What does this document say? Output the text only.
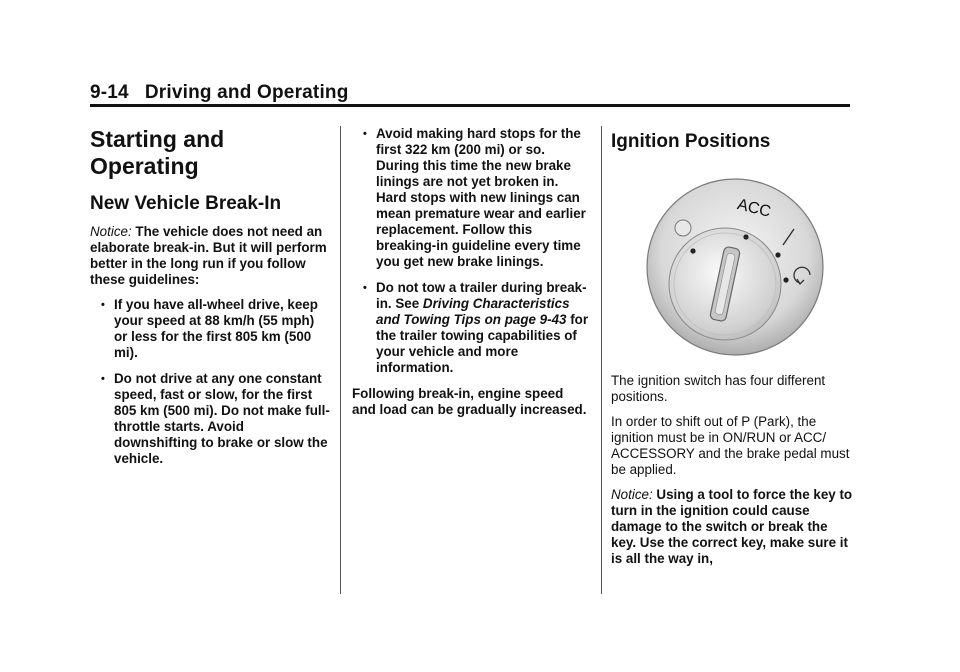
9-14 Driving and Operating
Starting and Operating
New Vehicle Break-In

Notice: The vehicle does not need an elaborate break-in. But it will perform better in the long run if you follow these guidelines:

• If you have all-wheel drive, keep your speed at 88 km/h (55 mph) or less for the first 805 km (500 mi).
• Do not drive at any one constant speed, fast or slow, for the first 805 km (500 mi). Do not make full-throttle starts. Avoid downshifting to brake or slow the vehicle.
• Avoid making hard stops for the first 322 km (200 mi) or so. During this time the new brake linings are not yet broken in. Hard stops with new linings can mean premature wear and earlier replacement. Follow this breaking-in guideline every time you get new brake linings.
• Do not tow a trailer during break-in. See Driving Characteristics and Towing Tips on page 9-43 for the trailer towing capabilities of your vehicle and more information.

Following break-in, engine speed and load can be gradually increased.

Ignition Positions
ACC

The ignition switch has four different positions.

In order to shift out of P (Park), the ignition must be in ON/RUN or ACC/ ACCESSORY and the brake pedal must be applied.

Notice: Using a tool to force the key to turn in the ignition could cause damage to the switch or break the key. Use the correct key, make sure it is all the way in,
